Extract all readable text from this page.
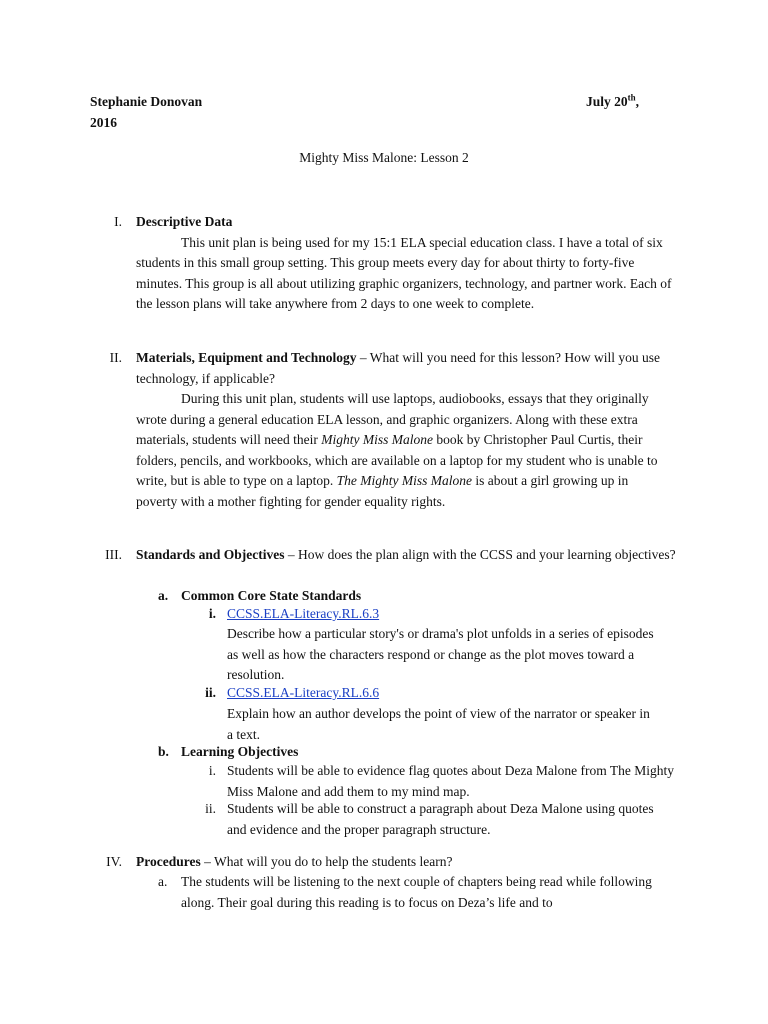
Stephanie Donovan	July 20th,
2016
Mighty Miss Malone: Lesson 2
I. Descriptive Data

This unit plan is being used for my 15:1 ELA special education class. I have a total of six students in this small group setting. This group meets every day for about thirty to forty-five minutes. This group is all about utilizing graphic organizers, technology, and partner work. Each of the lesson plans will take anywhere from 2 days to one week to complete.

II. Materials, Equipment and Technology – What will you need for this lesson? How will you use technology, if applicable?

During this unit plan, students will use laptops, audiobooks, essays that they originally wrote during a general education ELA lesson, and graphic organizers. Along with these extra materials, students will need their Mighty Miss Malone book by Christopher Paul Curtis, their folders, pencils, and workbooks, which are available on a laptop for my student who is unable to write, but is able to type on a laptop. The Mighty Miss Malone is about a girl growing up in poverty with a mother fighting for gender equality rights.

III. Standards and Objectives – How does the plan align with the CCSS and your learning objectives?

a. Common Core State Standards
i. CCSS.ELA-Literacy.RL.6.3
Describe how a particular story's or drama's plot unfolds in a series of episodes as well as how the characters respond or change as the plot moves toward a resolution.
ii. CCSS.ELA-Literacy.RL.6.6
Explain how an author develops the point of view of the narrator or speaker in a text.
b. Learning Objectives
i. Students will be able to evidence flag quotes about Deza Malone from The Mighty Miss Malone and add them to my mind map.
ii. Students will be able to construct a paragraph about Deza Malone using quotes and evidence and the proper paragraph structure.
IV. Procedures – What will you do to help the students learn?

a. The students will be listening to the next couple of chapters being read while following along. Their goal during this reading is to focus on Deza’s life and to
